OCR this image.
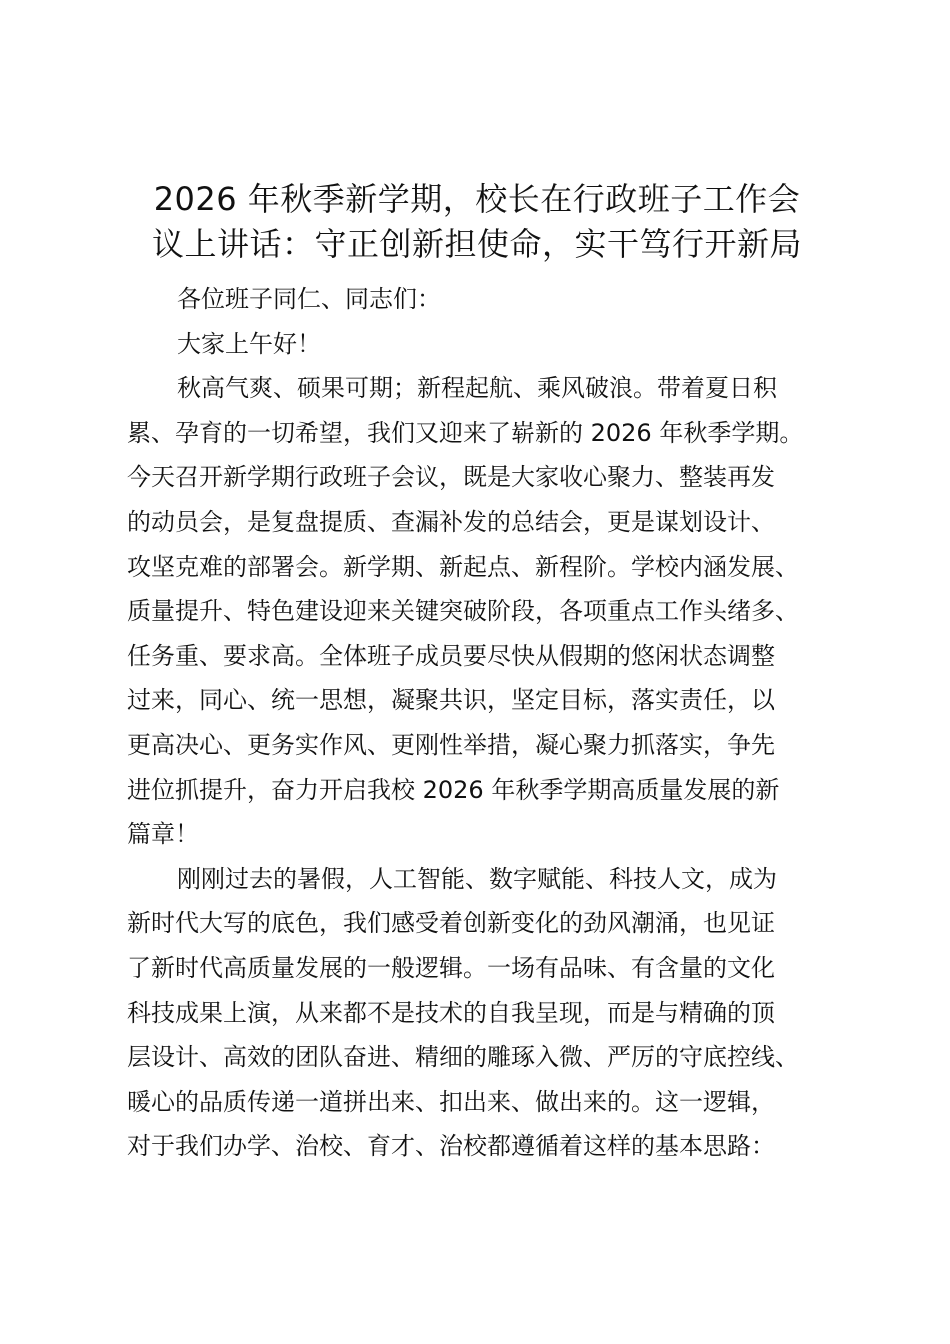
2026 年秋季新学期，校长在行政班子工作会
议上讲话：守正创新担使命，实干笃行开新局
各位班子同仁、同志们：
大家上午好！
秋高气爽、硕果可期；新程起航、乘风破浪。带着夏日积
累、孕育的一切希望，我们又迎来了崭新的 2026 年秋季学期。
今天召开新学期行政班子会议，既是大家收心聚力、整装再发
的动员会，是复盘提质、查漏补发的总结会，更是谋划设计、
攻坚克难的部署会。新学期、新起点、新程阶。学校内涵发展、
质量提升、特色建设迎来关键突破阶段，各项重点工作头绪多、
任务重、要求高。全体班子成员要尽快从假期的悠闲状态调整
过来，同心、统一思想，凝聚共识，坚定目标，落实责任，以
更高决心、更务实作风、更刚性举措，凝心聚力抓落实，争先
进位抓提升，奋力开启我校 2026 年秋季学期高质量发展的新
篇章！
刚刚过去的暑假，人工智能、数字赋能、科技人文，成为
新时代大写的底色，我们感受着创新变化的劲风潮涌，也见证
了新时代高质量发展的一般逻辑。一场有品味、有含量的文化
科技成果上演，从来都不是技术的自我呈现，而是与精确的顶
层设计、高效的团队奋进、精细的雕琢入微、严厉的守底控线、
暖心的品质传递一道拼出来、扣出来、做出来的。这一逻辑，
对于我们办学、治校、育才、治校都遵循着这样的基本思路：
